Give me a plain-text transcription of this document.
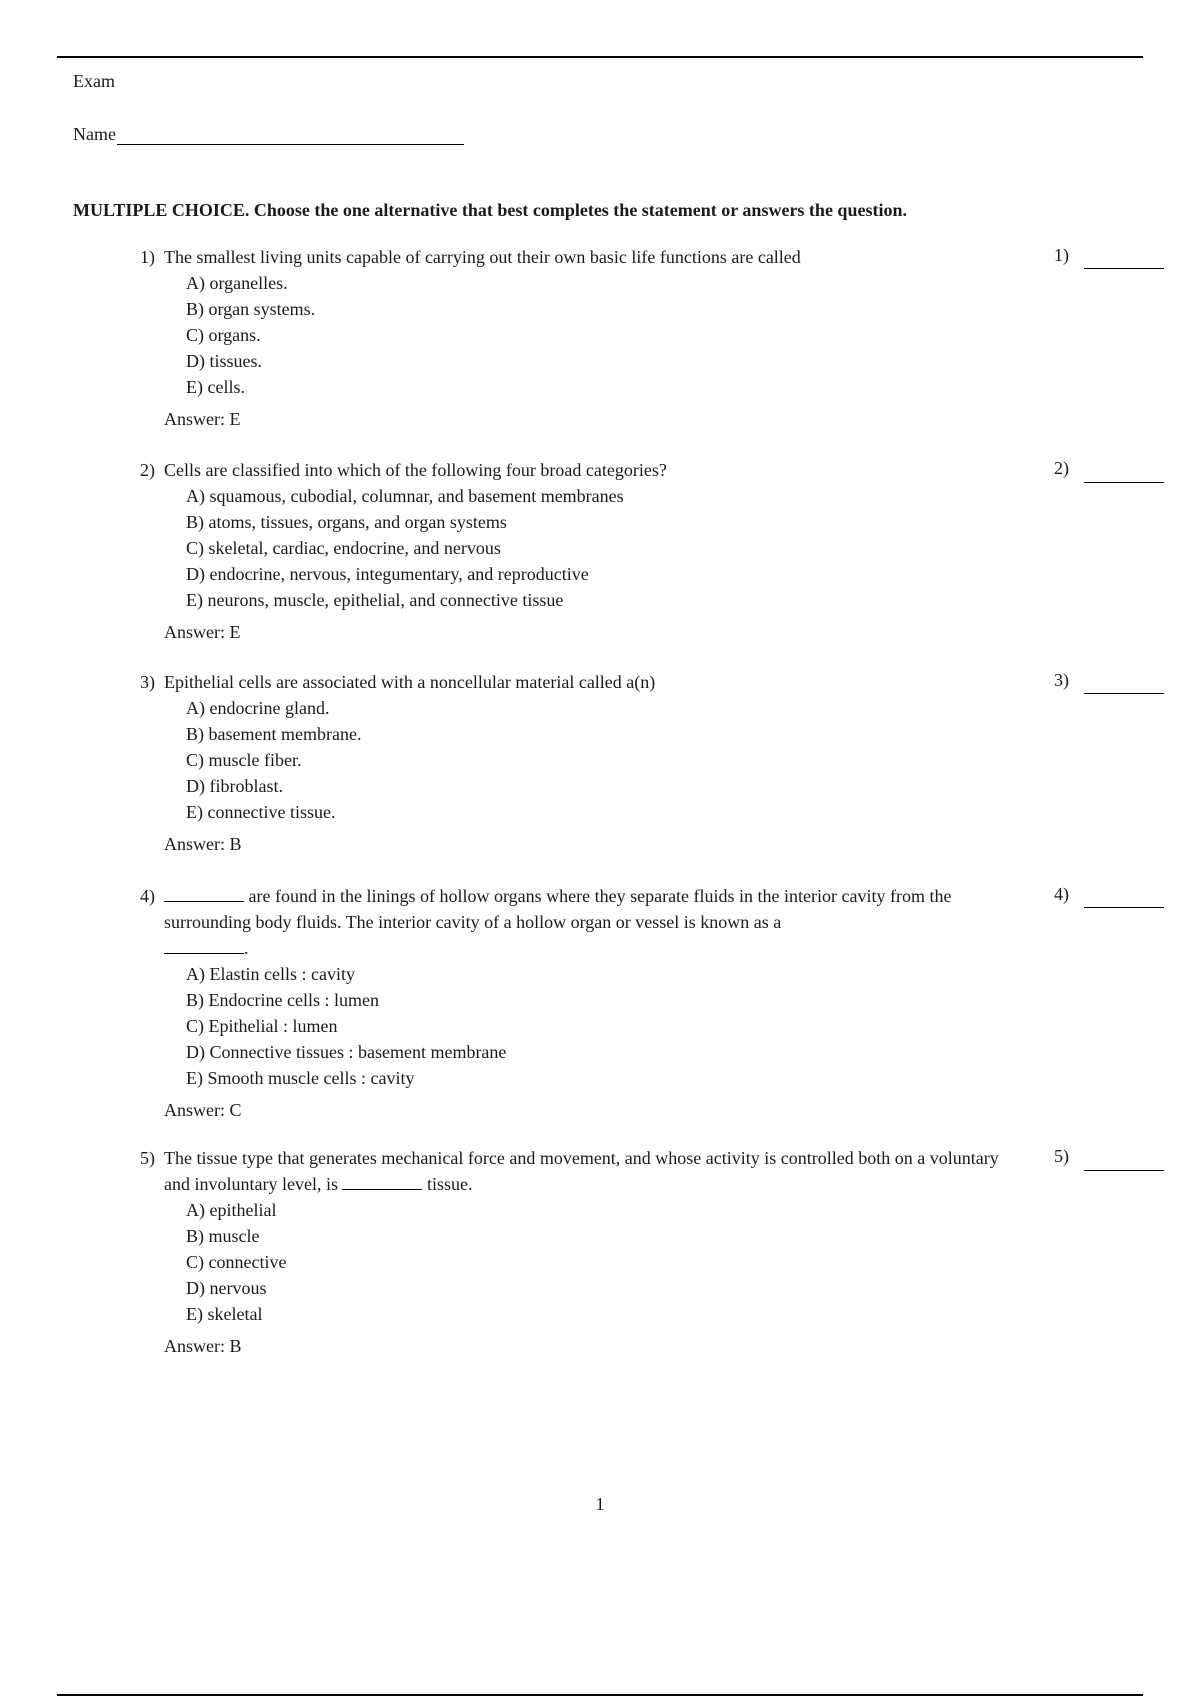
Exam
Name
MULTIPLE CHOICE. Choose the one alternative that best completes the statement or answers the question.
1) The smallest living units capable of carrying out their own basic life functions are called
A) organelles.
B) organ systems.
C) organs.
D) tissues.
E) cells.
Answer: E
1)
2) Cells are classified into which of the following four broad categories?
A) squamous, cubodial, columnar, and basement membranes
B) atoms, tissues, organs, and organ systems
C) skeletal, cardiac, endocrine, and nervous
D) endocrine, nervous, integumentary, and reproductive
E) neurons, muscle, epithelial, and connective tissue
Answer: E
2)
3) Epithelial cells are associated with a noncellular material called a(n)
A) endocrine gland.
B) basement membrane.
C) muscle fiber.
D) fibroblast.
E) connective tissue.
Answer: B
3)
4)	are found in the linings of hollow organs where they separate fluids in the interior cavity from the surrounding body fluids. The interior cavity of a hollow organ or vessel is known as a
.
A) Elastin cells : cavity
B) Endocrine cells : lumen
C) Epithelial : lumen
D) Connective tissues : basement membrane
E) Smooth muscle cells : cavity
Answer: C
4)
5) The tissue type that generates mechanical force and movement, and whose activity is controlled both on a voluntary and involuntary level, is	tissue.
A) epithelial
B) muscle
C) connective
D) nervous
E) skeletal
Answer: B
5)
1
